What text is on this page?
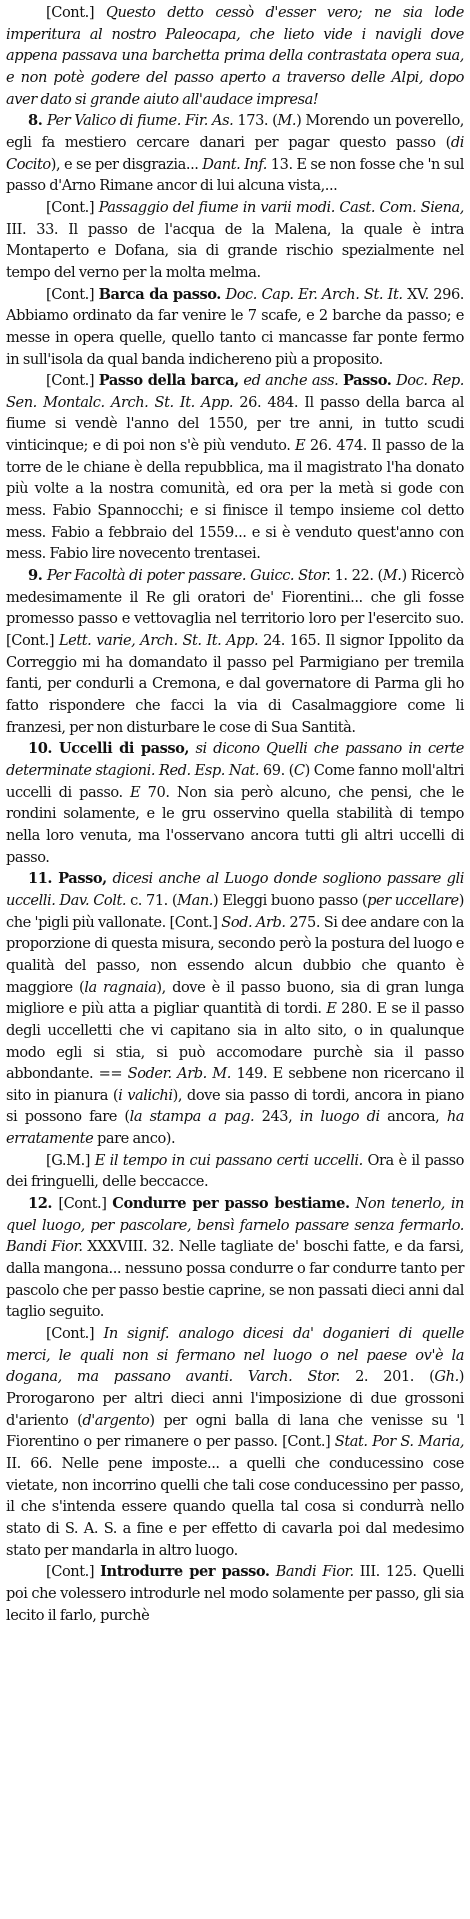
[Cont.] Questo detto cessò d'esser vero; ne sia lode imperitura al nostro Paleocapa, che lieto vide i navigli dove appena passava una barchetta prima della contrastata opera sua, e non potè godere del passo aperto a traverso delle Alpi, dopo aver dato si grande aiuto all'audace impresa!

8. Per Valico di fiume. Fir. As. 173. (M.) Morendo un poverello, egli fa mestiero cercare danari per pagar questo passo (di Cocito), e se per disgrazia... Dant. Inf. 13. E se non fosse che 'n sul passo d'Arno Rimane ancor di lui alcuna vista,...

[Cont.] Passaggio del fiume in varii modi. Cast. Com. Siena, III. 33. Il passo de l'acqua de la Malena, la quale è intra Montaperto e Dofana, sia di grande rischio spezialmente nel tempo del verno per la molta melma.

[Cont.] Barca da passo. Doc. Cap. Er. Arch. St. It. XV. 296. Abbiamo ordinato da far venire le 7 scafe, e 2 barche da passo; e messe in opera quelle, quello tanto ci mancasse far ponte fermo in sull'isola da qual banda indichereno più a proposito.

[Cont.] Passo della barca, ed anche ass. Passo. Doc. Rep. Sen. Montalc. Arch. St. It. App. 26. 484. Il passo della barca al fiume si vendè l'anno del 1550, per tre anni, in tutto scudi vinticinque; e di poi non s'è più venduto. E 26. 474. Il passo de la torre de le chiane è della repubblica, ma il magistrato l'ha donato più volte a la nostra comunità, ed ora per la metà si gode con mess. Fabio Spannocchi; e si finisce il tempo insieme col detto mess. Fabio a febbraio del 1559... e si è venduto quest'anno con mess. Fabio lire novecento trentasei.

9. Per Facoltà di poter passare. Guicc. Stor. 1. 22. (M.) Ricercò medesimamente il Re gli oratori de' Fiorentini... che gli fosse promesso passo e vettovaglia nel territorio loro per l'esercito suo. [Cont.] Lett. varie, Arch. St. It. App. 24. 165. Il signor Ippolito da Correggio mi ha domandato il passo pel Parmigiano per tremila fanti, per condurli a Cremona, e dal governatore di Parma gli ho fatto rispondere che facci la via di Casalmaggiore come li franzesi, per non disturbare le cose di Sua Santità.

10. Uccelli di passo, si dicono Quelli che passano in certe determinate stagioni. Red. Esp. Nat. 69. (C) Come fanno moll'altri uccelli di passo. E 70. Non sia però alcuno, che pensi, che le rondini solamente, e le gru osservino quella stabilità di tempo nella loro venuta, ma l'osservano ancora tutti gli altri uccelli di passo.

11. Passo, dicesi anche al Luogo donde sogliono passare gli uccelli. Dav. Colt. c. 71. (Man.) Eleggi buono passo (per uccellare) che 'pigli più vallonate. [Cont.] Sod. Arb. 275. Si dee andare con la proporzione di questa misura, secondo però la postura del luogo e qualità del passo, non essendo alcun dubbio che quanto è maggiore (la ragnaia), dove è il passo buono, sia di gran lunga migliore e più atta a pigliar quantità di tordi. E 280. E se il passo degli uccelletti che vi capitano sia in alto sito, o in qualunque modo egli si stia, si può accomodare purchè sia il passo abbondante. == Soder. Arb. M. 149. E sebbene non ricercano il sito in pianura (i valichi), dove sia passo di tordi, ancora in piano si possono fare (la stampa a pag. 243, in luogo di ancora, ha erratamente pare anco).

[G.M.] E il tempo in cui passano certi uccelli. Ora è il passo dei fringuelli, delle beccacce.

12. [Cont.] Condurre per passo bestiame. Non tenerlo, in quel luogo, per pascolare, bensì farnelo passare senza fermarlo. Bandi Fior. XXXVIII. 32. Nelle tagliate de' boschi fatte, e da farsi, dalla mangona... nessuno possa condurre o far condurre tanto per pascolo che per passo bestie caprine, se non passati dieci anni dal taglio seguito.

[Cont.] In signif. analogo dicesi da' doganieri di quelle merci, le quali non si fermano nel luogo o nel paese ov'è la dogana, ma passano avanti. Varch. Stor. 2. 201. (Gh.) Prorogarono per altri dieci anni l'imposizione di due grossoni d'ariento (d'argento) per ogni balla di lana che venisse su 'l Fiorentino o per rimanere o per passo. [Cont.] Stat. Por S. Maria, II. 66. Nelle pene imposte... a quelli che conducessino cose vietate, non incorrino quelli che tali cose conducessino per passo, il che s'intenda essere quando quella tal cosa si condurrà nello stato di S. A. S. a fine e per effetto di cavarla poi dal medesimo stato per mandarla in altro luogo.

[Cont.] Introdurre per passo. Bandi Fior. III. 125. Quelli poi che volessero introdurle nel modo solamente per passo, gli sia lecito il farlo, purchè
